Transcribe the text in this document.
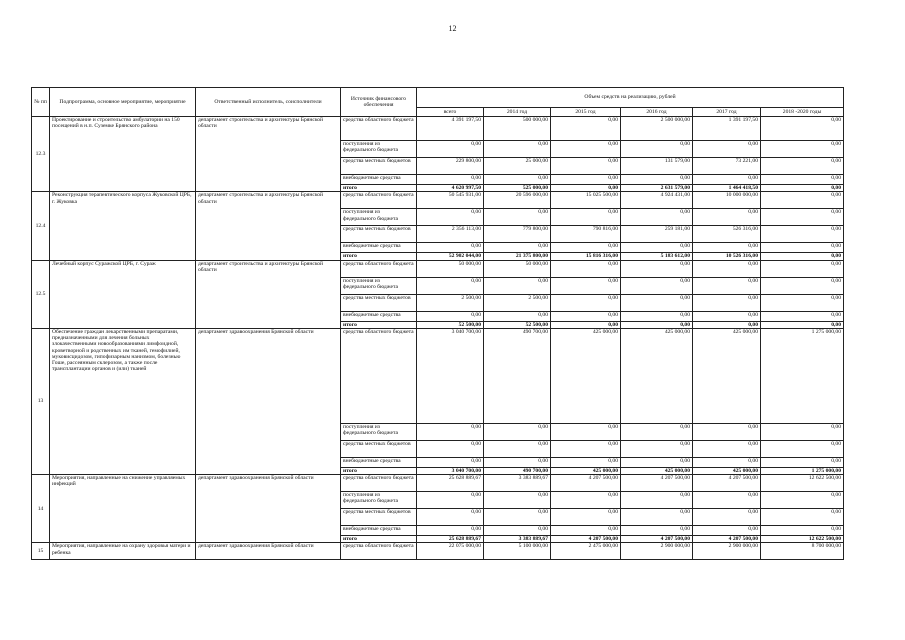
12
№ пп	Подпрограмма, основное мероприятие, мероприятие	Ответственный исполнитель, соисполнители	Источник финансового обеспечения	Объем средств на реализацию, рублей					
				всего	2014 год	2015 год	2016 год	2017 год	2018 -2020 годы
12.3	Проектирование и строительство амбулатории на 150 посещений в н.п. Суземке Брянского района	департамент строительства и архитектуры Брянской области	средства областного бюджета	4 391 197,50	500 000,00	0,00	2 500 000,00	1 391 197,50	0,00
			поступления из федерального бюджета	0,00	0,00	0,00	0,00	0,00	0,00
			средства местных бюджетов	229 800,00	25 000,00	0,00	131 579,00	73 221,00	0,00
			внебюджетные средства	0,00	0,00	0,00	0,00	0,00	0,00
			итого	4 620 997,50	525 000,00	0,00	2 631 579,00	1 464 418,50	0,00
12.4	Реконструкция терапевтического корпуса Жуковской ЦРБ, г. Жуковка	департамент строительства и архитектуры Брянской области	средства областного бюджета	50 545 931,00	20 596 000,00	15 025 500,00	4 924 431,00	10 000 000,00	0,00
			поступления из федерального бюджета	0,00	0,00	0,00	0,00	0,00	0,00
			средства местных бюджетов	2 356 113,00	779 800,00	790 816,00	259 181,00	526 316,00	0,00
			внебюджетные средства	0,00	0,00	0,00	0,00	0,00	0,00
			итого	52 902 044,00	21 375 800,00	15 816 316,00	5 183 612,00	10 526 316,00	0,00
12.5	Лечебный корпус Суражской ЦРБ, г. Сураж	департамент строительства и архитектуры Брянской области	средства областного бюджета	50 000,00	50 000,00	0,00	0,00	0,00	0,00
			поступления из федерального бюджета	0,00	0,00	0,00	0,00	0,00	0,00
			средства местных бюджетов	2 500,00	2 500,00	0,00	0,00	0,00	0,00
			внебюджетные средства	0,00	0,00	0,00	0,00	0,00	0,00
			итого	52 500,00	52 500,00	0,00	0,00	0,00	0,00
13	Обеспечение граждан лекарственными препаратами, предназначенными для лечения больных злокачественными новообразованиями лимфоидной, кроветворной и родственных им тканей, гемофилией, муковисцидозом, гипофизарным нанизмом, болезнью Гоше, рассеянным склерозом, а также после трансплантации органов и (или) тканей	департамент здравоохранения Брянской области	средства областного бюджета	3 040 700,00	490 700,00	425 000,00	425 000,00	425 000,00	1 275 000,00
			поступления из федерального бюджета	0,00	0,00	0,00	0,00	0,00	0,00
			средства местных бюджетов	0,00	0,00	0,00	0,00	0,00	0,00
			внебюджетные средства	0,00	0,00	0,00	0,00	0,00	0,00
			итого	3 040 700,00	490 700,00	425 000,00	425 000,00	425 000,00	1 275 000,00
14	Мероприятия, направленные на снижение управляемых инфекций	департамент здравоохранения Брянской области	средства областного бюджета	25 628 889,67	3 383 889,67	4 207 500,00	4 207 500,00	4 207 500,00	12 622 500,00
			поступления из федерального бюджета	0,00	0,00	0,00	0,00	0,00	0,00
			средства местных бюджетов	0,00	0,00	0,00	0,00	0,00	0,00
			внебюджетные средства	0,00	0,00	0,00	0,00	0,00	0,00
			итого	25 628 889,67	3 383 889,67	4 207 500,00	4 207 500,00	4 207 500,00	12 622 500,00
15	Мероприятия, направленные на охрану здоровья матери и ребенка	департамент здравоохранения Брянской области	средства областного бюджета	22 075 000,00	5 100 000,00	2 475 000,00	2 900 000,00	2 900 000,00	8 700 000,00
